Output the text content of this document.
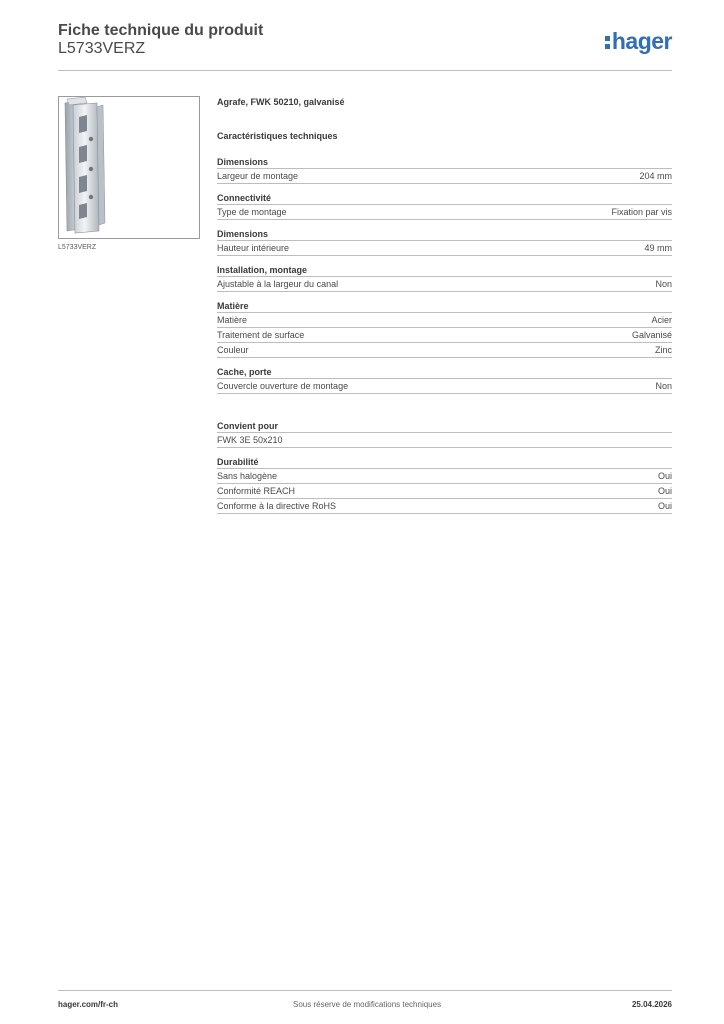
Fiche technique du produit
L5733VERZ	hager
L5733VERZ
Agrafe, FWK 50210, galvanisé
Caractéristiques techniques
Dimensions
Largeur de montage	204 mm
Connectivité
Type de montage	Fixation par vis
Dimensions
Hauteur intérieure	49 mm
Installation, montage
Ajustable à la largeur du canal	Non
Matière
Matière	Acier
Traitement de surface	Galvanisé
Couleur	Zinc
Cache, porte
Couvercle ouverture de montage	Non
Convient pour
FWK 3E 50x210
Durabilité
Sans halogène	Oui
Conformité REACH	Oui
Conforme à la directive RoHS	Oui
hager.com/fr-ch	Sous réserve de modifications techniques	25.04.2026
